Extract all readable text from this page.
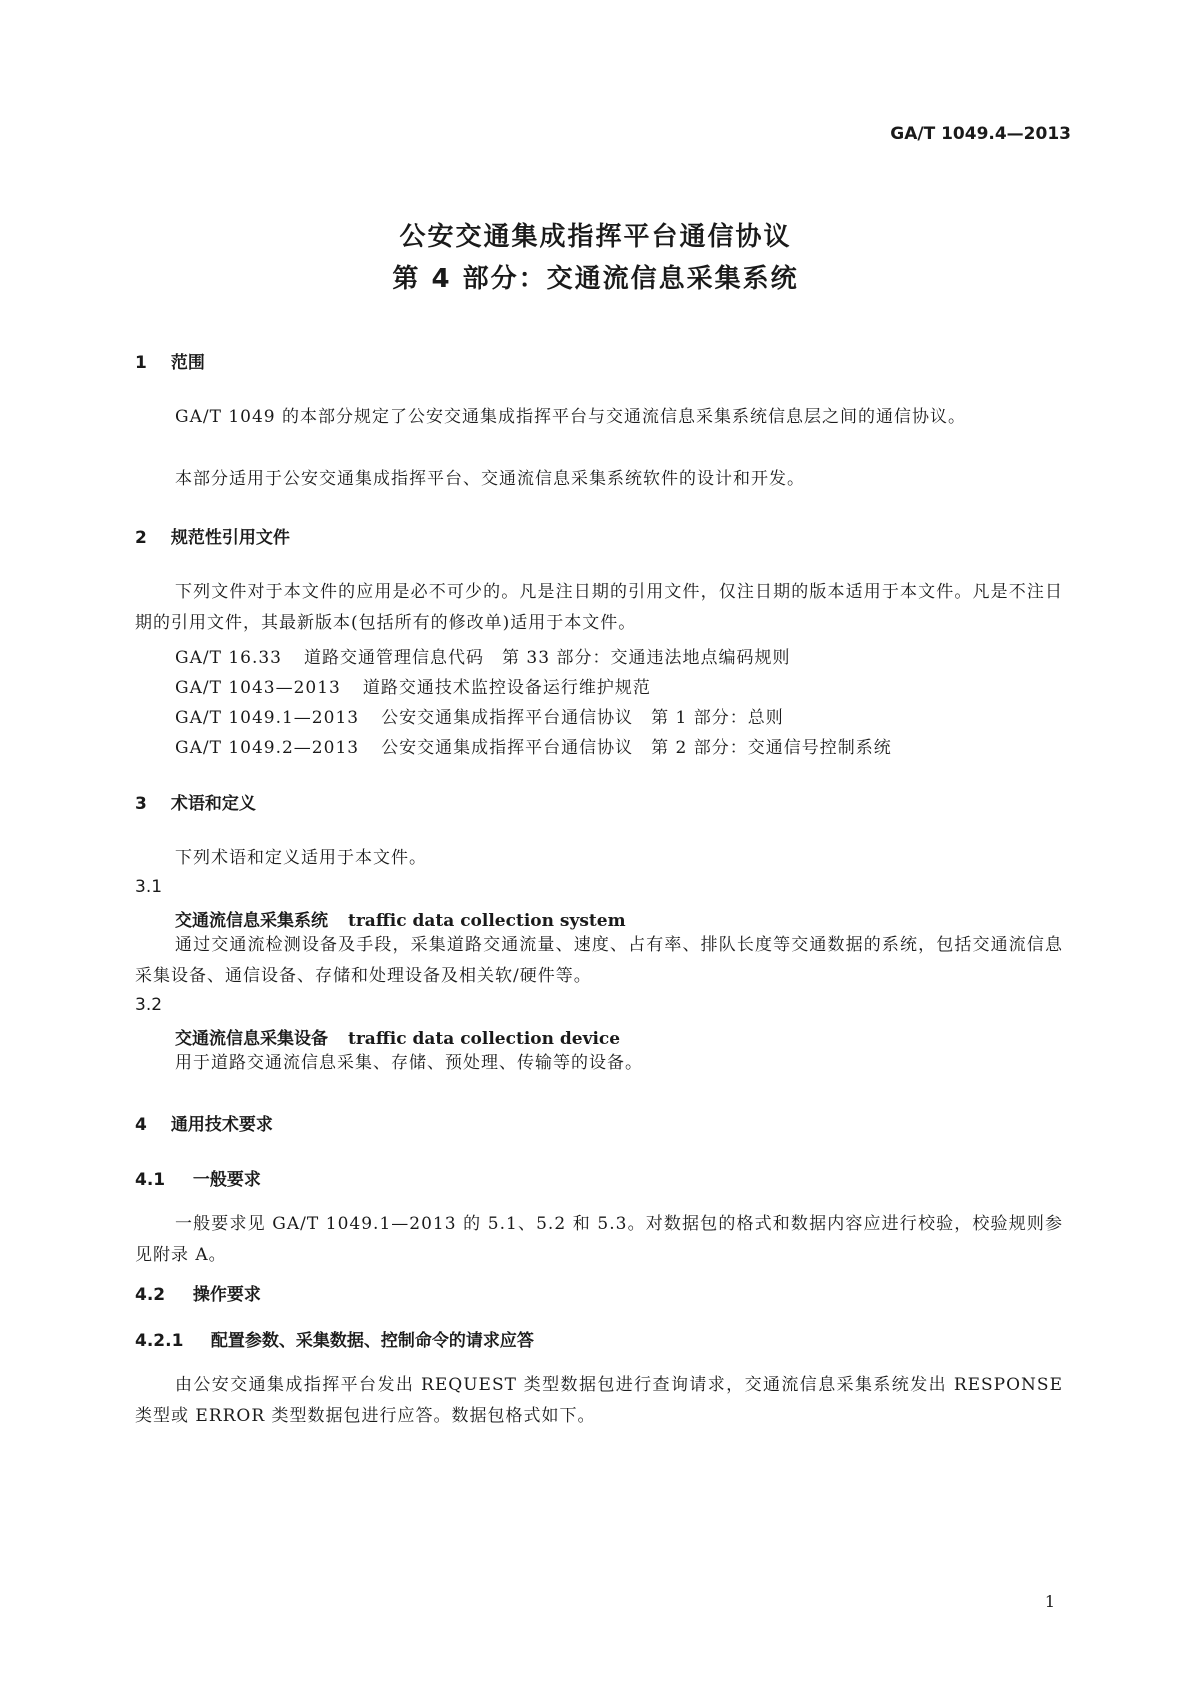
GA/T 1049.4—2013

公安交通集成指挥平台通信协议
第 4 部分：交通流信息采集系统
1 范围

GA/T 1049 的本部分规定了公安交通集成指挥平台与交通流信息采集系统信息层之间的通信协议。

本部分适用于公安交通集成指挥平台、交通流信息采集系统软件的设计和开发。

2 规范性引用文件

下列文件对于本文件的应用是必不可少的。凡是注日期的引用文件，仅注日期的版本适用于本文件。凡是不注日期的引用文件，其最新版本(包括所有的修改单)适用于本文件。

GA/T 16.33 道路交通管理信息代码　第 33 部分：交通违法地点编码规则

GA/T 1043—2013 道路交通技术监控设备运行维护规范

GA/T 1049.1—2013 公安交通集成指挥平台通信协议　第 1 部分：总则

GA/T 1049.2—2013 公安交通集成指挥平台通信协议　第 2 部分：交通信号控制系统

3 术语和定义

下列术语和定义适用于本文件。

3.1

交通流信息采集系统 traffic data collection system

通过交通流检测设备及手段，采集道路交通流量、速度、占有率、排队长度等交通数据的系统，包括交通流信息采集设备、通信设备、存储和处理设备及相关软/硬件等。

3.2

交通流信息采集设备 traffic data collection device

用于道路交通流信息采集、存储、预处理、传输等的设备。

4 通用技术要求
4.1 一般要求

一般要求见 GA/T 1049.1—2013 的 5.1、5.2 和 5.3。对数据包的格式和数据内容应进行校验，校验规则参见附录 A。

4.2 操作要求
4.2.1 配置参数、采集数据、控制命令的请求应答

由公安交通集成指挥平台发出 REQUEST 类型数据包进行查询请求，交通流信息采集系统发出 RESPONSE 类型或 ERROR 类型数据包进行应答。数据包格式如下。

1
